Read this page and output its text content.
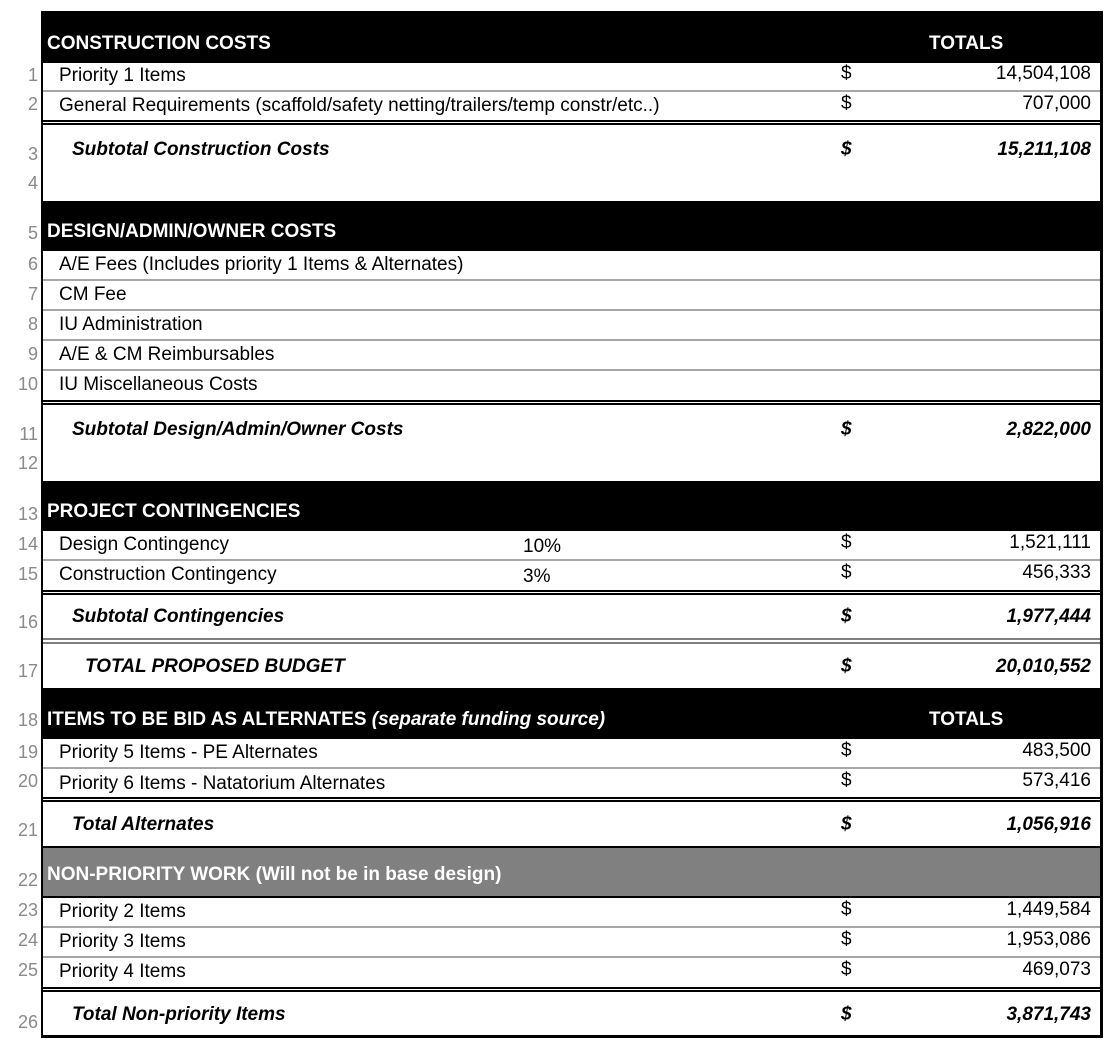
CONSTRUCTION COSTS	TOTALS
1 Priority 1 Items	$	14,504,108
2 General Requirements (scaffold/safety netting/trailers/temp constr/etc..)	$	707,000
3
4
Subtotal Construction Costs	$	15,211,108
5 DESIGN/ADMIN/OWNER COSTS
6 A/E Fees (Includes priority 1 Items & Alternates)
7 CM Fee
8 IU Administration
9 A/E & CM Reimbursables
10 IU Miscellaneous Costs
11
12
Subtotal Design/Admin/Owner Costs	$	2,822,000
13 PROJECT CONTINGENCIES
14 Design Contingency	10%	$	1,521,111
15 Construction Contingency	3%	$	456,333
16 Subtotal Contingencies	$	1,977,444
17 TOTAL PROPOSED BUDGET	$	20,010,552
18 ITEMS TO BE BID AS ALTERNATES (separate funding source)	TOTALS
19 Priority 5 Items - PE Alternates	$	483,500
20 Priority 6 Items - Natatorium Alternates	$	573,416
21 Total Alternates	$	1,056,916
22 NON-PRIORITY WORK (Will not be in base design)
23 Priority 2 Items	$	1,449,584
24 Priority 3 Items	$	1,953,086
25 Priority 4 Items	$	469,073
26 Total Non-priority Items	$	3,871,743
